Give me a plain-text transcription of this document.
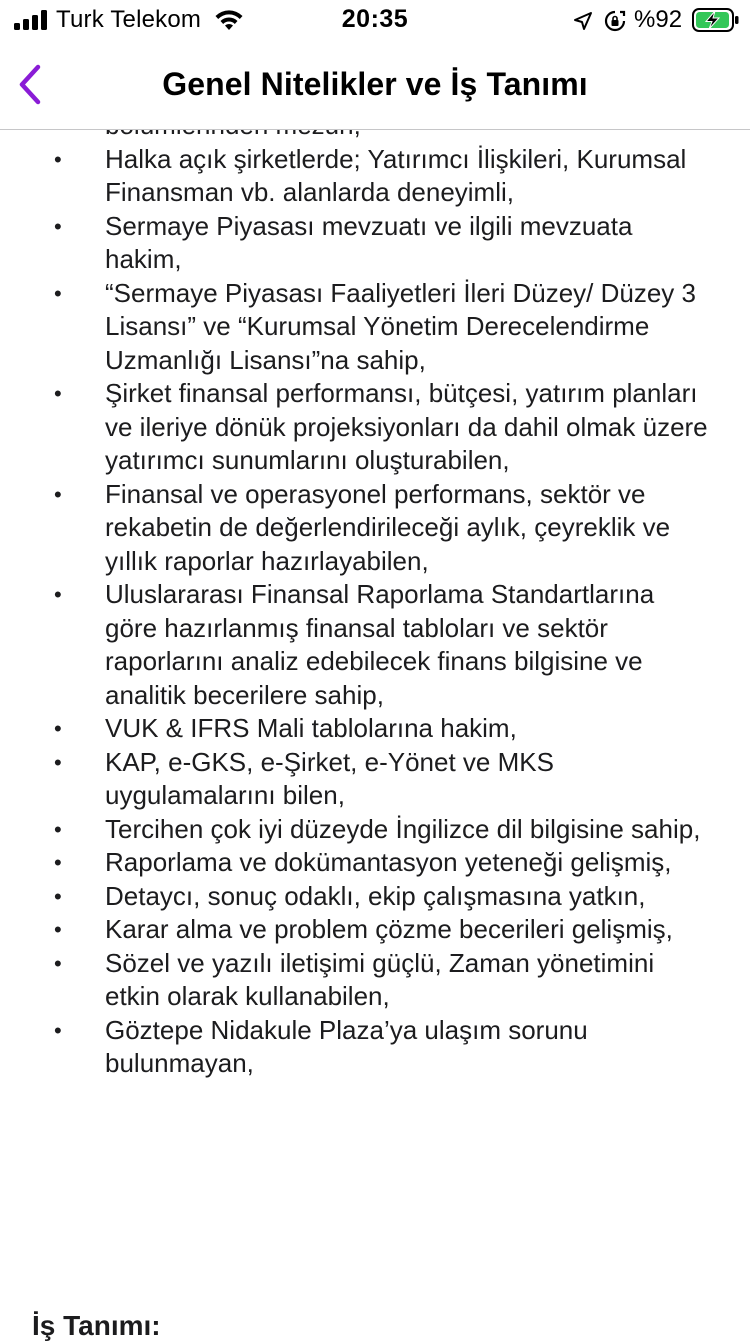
Turk Telekom	20:35	%92
Genel Nitelikler ve İş Tanımı
• Halka açık şirketlerde; Yatırımcı İlişkileri, Kurumsal Finansman vb. alanlarda deneyimli,
• Sermaye Piyasası mevzuatı ve ilgili mevzuata hakim,
• “Sermaye Piyasası Faaliyetleri İleri Düzey/ Düzey 3 Lisansı” ve “Kurumsal Yönetim Derecelendirme Uzmanlığı Lisansı”na sahip,
• Şirket finansal performansı, bütçesi, yatırım planları ve ileriye dönük projeksiyonları da dahil olmak üzere yatırımcı sunumlarını oluşturabilen,
• Finansal ve operasyonel performans, sektör ve rekabetin de değerlendirileceği aylık, çeyreklik ve yıllık raporlar hazırlayabilen,
• Uluslararası Finansal Raporlama Standartlarına göre hazırlanmış finansal tabloları ve sektör raporlarını analiz edebilecek finans bilgisine ve analitik becerilere sahip,
• VUK & IFRS Mali tablolarına hakim,
• KAP, e-GKS, e-Şirket, e-Yönet ve MKS uygulamalarını bilen,
• Tercihen çok iyi düzeyde İngilizce dil bilgisine sahip,
• Raporlama ve dokümantasyon yeteneği gelişmiş,
• Detaycı, sonuç odaklı, ekip çalışmasına yatkın,
• Karar alma ve problem çözme becerileri gelişmiş,
• Sözel ve yazılı iletişimi güçlü, Zaman yönetimini etkin olarak kullanabilen,
• Göztepe Nidakule Plaza’ya ulaşım sorunu bulunmayan,
İş Tanımı:
